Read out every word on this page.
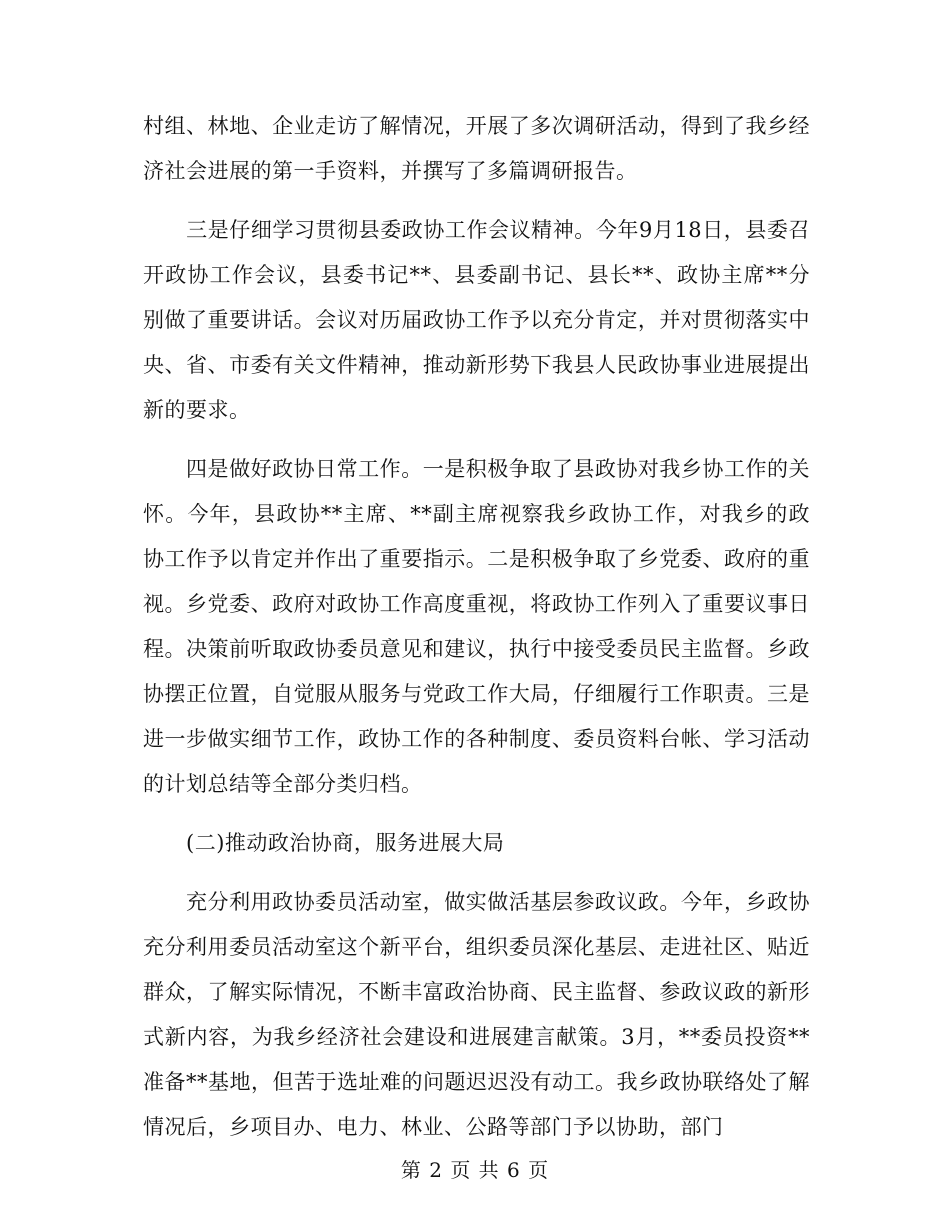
村组、林地、企业走访了解情况，开展了多次调研活动，得到了我乡经济社会进展的第一手资料，并撰写了多篇调研报告。

　　三是仔细学习贯彻县委政协工作会议精神。今年9月18日，县委召开政协工作会议，县委书记**、县委副书记、县长**、政协主席**分别做了重要讲话。会议对历届政协工作予以充分肯定，并对贯彻落实中央、省、市委有关文件精神，推动新形势下我县人民政协事业进展提出新的要求。

　　四是做好政协日常工作。一是积极争取了县政协对我乡协工作的关怀。今年，县政协**主席、**副主席视察我乡政协工作，对我乡的政协工作予以肯定并作出了重要指示。二是积极争取了乡党委、政府的重视。乡党委、政府对政协工作高度重视，将政协工作列入了重要议事日程。决策前听取政协委员意见和建议，执行中接受委员民主监督。乡政协摆正位置，自觉服从服务与党政工作大局，仔细履行工作职责。三是进一步做实细节工作，政协工作的各种制度、委员资料台帐、学习活动的计划总结等全部分类归档。

　　(二)推动政治协商，服务进展大局

　　充分利用政协委员活动室，做实做活基层参政议政。今年，乡政协充分利用委员活动室这个新平台，组织委员深化基层、走进社区、贴近群众，了解实际情况，不断丰富政治协商、民主监督、参政议政的新形式新内容，为我乡经济社会建设和进展建言献策。3月，**委员投资**准备**基地，但苦于选址难的问题迟迟没有动工。我乡政协联络处了解情况后，乡项目办、电力、林业、公路等部门予以协助，部门

第 2 页 共 6 页
